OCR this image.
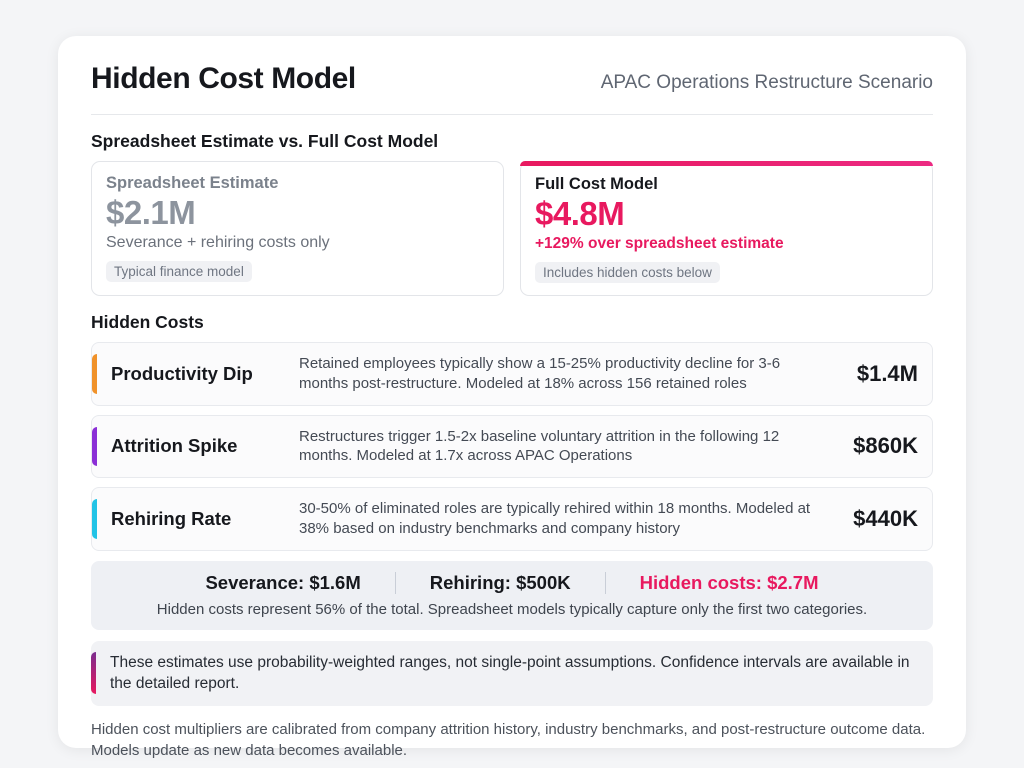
Hidden Cost Model	APAC Operations Restructure Scenario
Spreadsheet Estimate vs. Full Cost Model
Spreadsheet Estimate
$2.1M
Severance + rehiring costs only
Typical finance model
Full Cost Model
$4.8M
+129% over spreadsheet estimate
Includes hidden costs below
Hidden Costs
Productivity Dip	Retained employees typically show a 15-25% productivity decline for 3-6 months post-restructure. Modeled at 18% across 156 retained roles	$1.4M
Attrition Spike	Restructures trigger 1.5-2x baseline voluntary attrition in the following 12 months. Modeled at 1.7x across APAC Operations	$860K
Rehiring Rate	30-50% of eliminated roles are typically rehired within 18 months. Modeled at 38% based on industry benchmarks and company history	$440K
Severance: $1.6M	Rehiring: $500K	Hidden costs: $2.7M
Hidden costs represent 56% of the total. Spreadsheet models typically capture only the first two categories.
These estimates use probability-weighted ranges, not single-point assumptions. Confidence intervals are available in the detailed report.
Hidden cost multipliers are calibrated from company attrition history, industry benchmarks, and post-restructure outcome data. Models update as new data becomes available.
